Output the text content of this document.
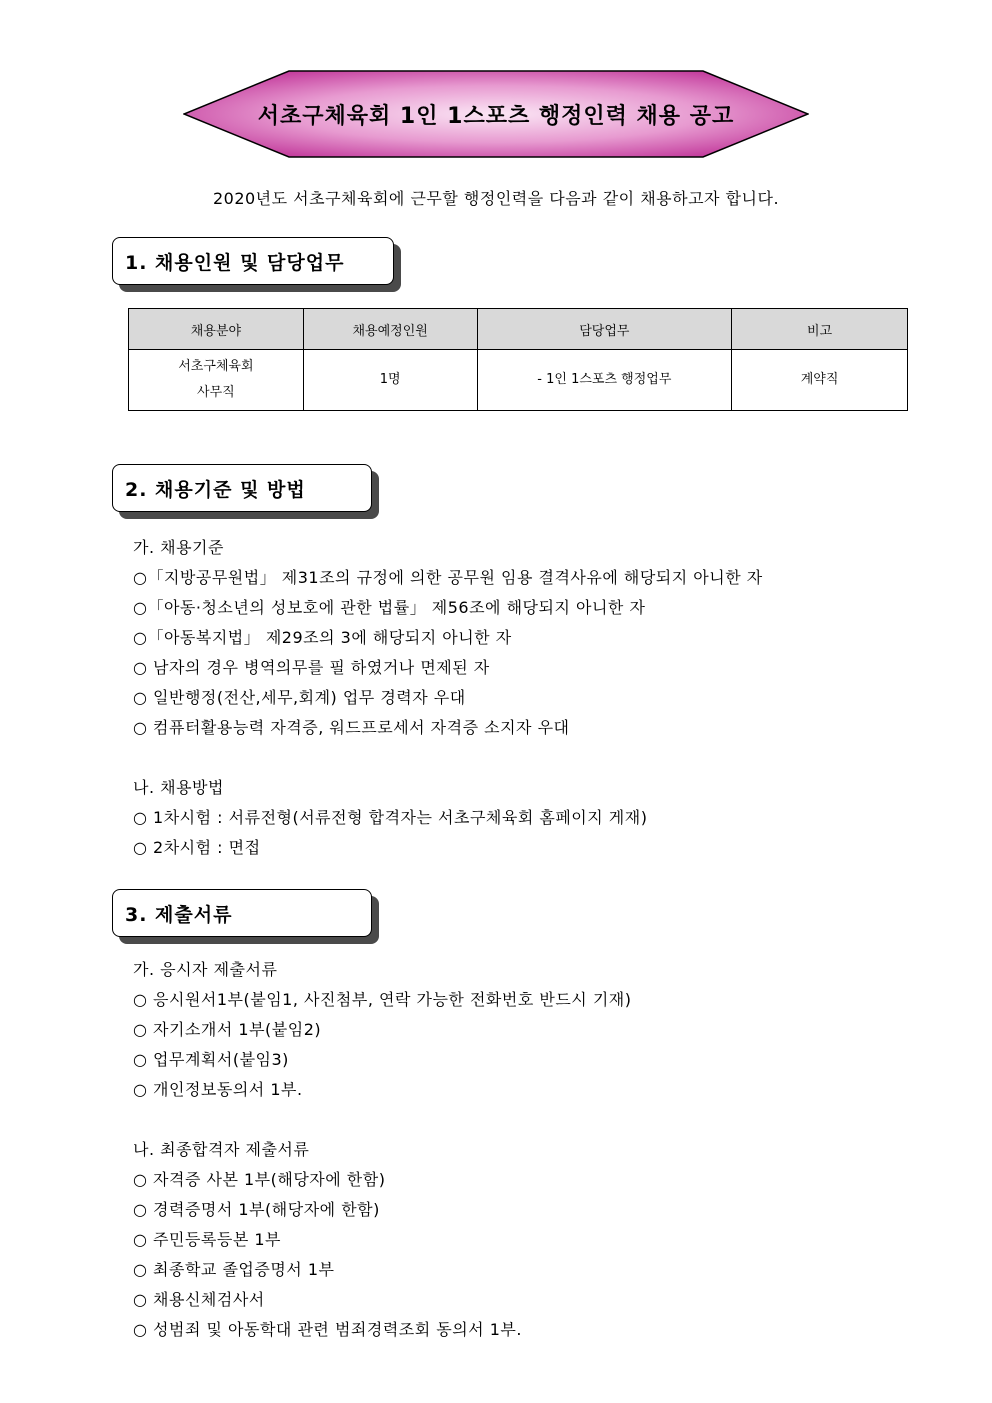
서초구체육회 1인 1스포츠 행정인력 채용 공고
2020년도 서초구체육회에 근무할 행정인력을 다음과 같이 채용하고자 합니다.
1. 채용인원 및 담당업무
채용분야	채용예정인원	담당업무	비고

서초구체육회
사무직	1명	- 1인 1스포츠 행정업무	계약직
2. 채용기준 및 방법
가. 채용기준
○「지방공무원법」 제31조의 규정에 의한 공무원 임용 결격사유에 해당되지 아니한 자
○「아동·청소년의 성보호에 관한 법률」 제56조에 해당되지 아니한 자
○「아동복지법」 제29조의 3에 해당되지 아니한 자
○ 남자의 경우 병역의무를 필 하였거나 면제된 자
○ 일반행정(전산,세무,회계) 업무 경력자 우대
○ 컴퓨터활용능력 자격증, 워드프로세서 자격증 소지자 우대
나. 채용방법
○ 1차시험 : 서류전형(서류전형 합격자는 서초구체육회 홈페이지 게재)
○ 2차시험 : 면접
3. 제출서류
가. 응시자 제출서류
○ 응시원서1부(붙임1, 사진첨부, 연락 가능한 전화번호 반드시 기재)
○ 자기소개서 1부(붙임2)
○ 업무계획서(붙임3)
○ 개인정보동의서 1부.
나. 최종합격자 제출서류
○ 자격증 사본 1부(해당자에 한함)
○ 경력증명서 1부(해당자에 한함)
○ 주민등록등본 1부
○ 최종학교 졸업증명서 1부
○ 채용신체검사서
○ 성범죄 및 아동학대 관련 범죄경력조회 동의서 1부.
